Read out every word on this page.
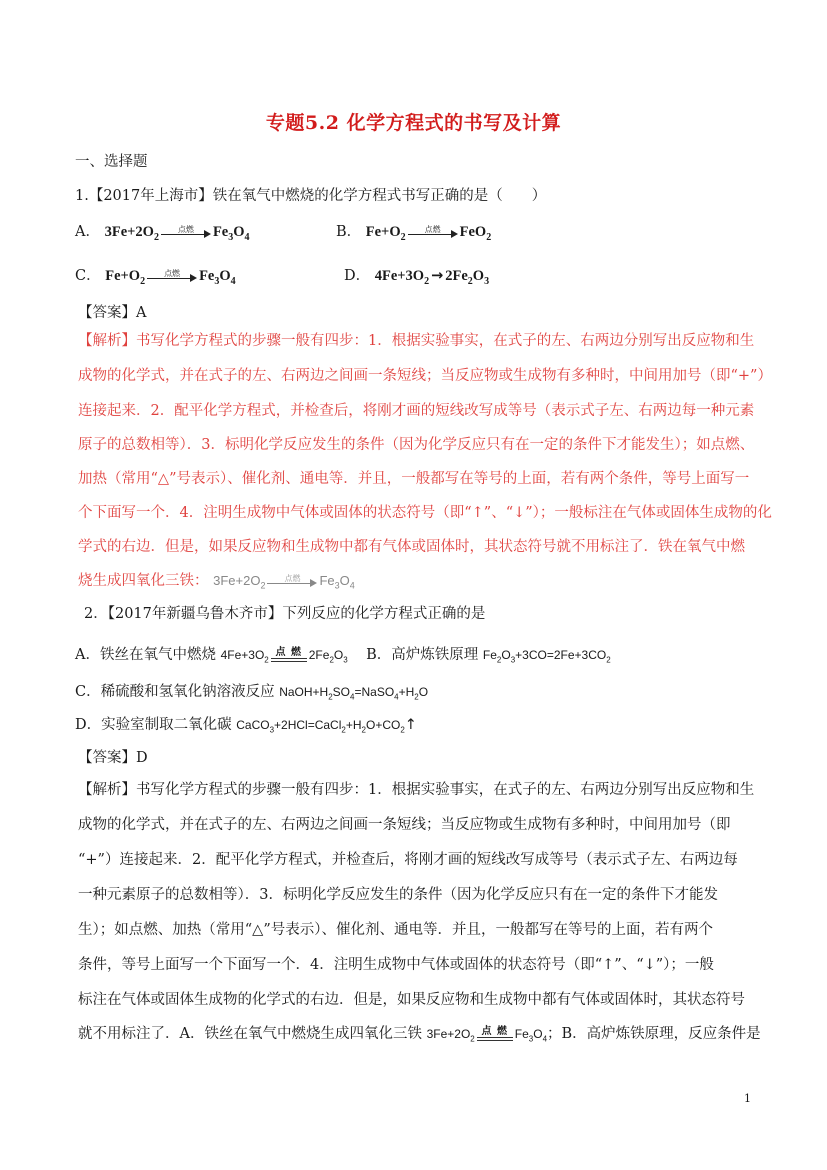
专题5.2 化学方程式的书写及计算
一、选择题
1.【2017年上海市】铁在氧气中燃烧的化学方程式书写正确的是（　　）
A． $3Fe+2O_2$
点燃	$Fe_3O_4$	B． $Fe+O_2$
点燃	FeO$_2$
C． $Fe+O_2$
点燃	$Fe_3O_4$	D． $4Fe+3O_2 \to 2Fe_2O_3$
【答案】A
【解析】书写化学方程式的步骤一般有四步：1．根据实验事实，在式子的左、右两边分别写出反应物和生
成物的化学式，并在式子的左、右两边之间画一条短线；当反应物或生成物有多种时，中间用加号（即“+”）
连接起来．2．配平化学方程式，并检查后，将刚才画的短线改写成等号（表示式子左、右两边每一种元素
原子的总数相等）．3．标明化学反应发生的条件（因为化学反应只有在一定的条件下才能发生）；如点燃、
加热（常用“△”号表示）、催化剂、通电等．并且，一般都写在等号的上面，若有两个条件，等号上面写一
个下面写一个．4．注明生成物中气体或固体的状态符号（即“↑”、“↓”）；一般标注在气体或固体生成物的化
学式的右边．但是，如果反应物和生成物中都有气体或固体时，其状态符号就不用标注了．铁在氧气中燃
烧生成四氧化三铁： $3Fe+2O_2$
点燃	$Fe_3O_4$
2．【2017年新疆乌鲁木齐市】下列反应的化学方程式正确的是
A．铁丝在氧气中燃烧 $4Fe+3O_2$
点 燃 $2Fe_2O_3$ B．高炉炼铁原理 $Fe_2O_3+3CO=2Fe+3CO_2$
C．稀硫酸和氢氧化钠溶液反应 $NaOH+H_2SO_4=NaSO_4+H_2O$
D．实验室制取二氧化碳 $CaCO_3+2HCl=CaCl_2+H_2O+CO_2↑$
【答案】D
【解析】书写化学方程式的步骤一般有四步：1．根据实验事实，在式子的左、右两边分别写出反应物和生
成物的化学式，并在式子的左、右两边之间画一条短线；当反应物或生成物有多种时，中间用加号（即
“+”）连接起来．2．配平化学方程式，并检查后，将刚才画的短线改写成等号（表示式子左、右两边每
一种元素原子的总数相等）．3．标明化学反应发生的条件（因为化学反应只有在一定的条件下才能发
生）；如点燃、加热（常用“△”号表示）、催化剂、通电等．并且，一般都写在等号的上面，若有两个
条件，等号上面写一个下面写一个．4．注明生成物中气体或固体的状态符号（即“↑”、“↓”）；一般
标注在气体或固体生成物的化学式的右边．但是，如果反应物和生成物中都有气体或固体时，其状态符号
就不用标注了．A．铁丝在氧气中燃烧生成四氧化三铁 $3Fe+2O_2$
点 燃 $Fe_3O_4$；B．高炉炼铁原理，反应条件是
1
